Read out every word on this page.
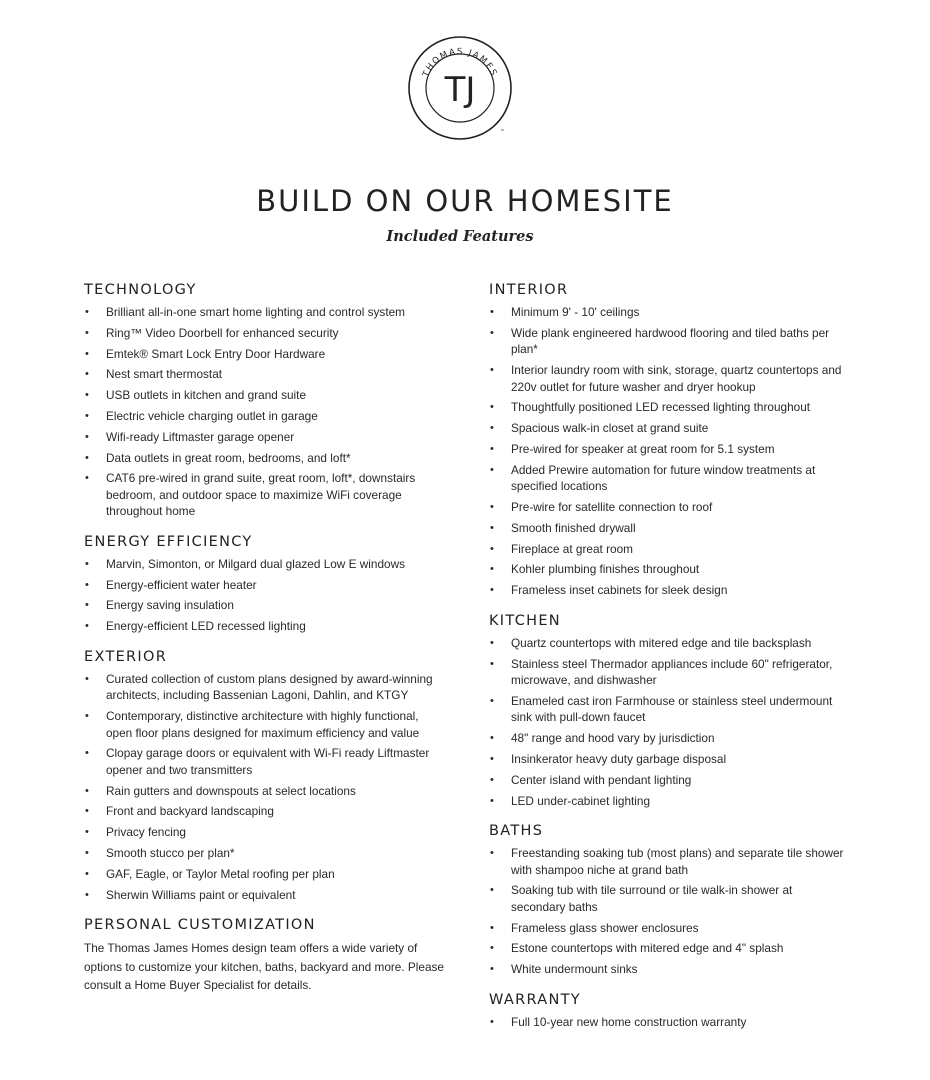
THOMAS JAMES
TJ
™
BUILD ON OUR HOMESITE
Included Features
TECHNOLOGY
• Brilliant all-in-one smart home lighting and control system
• Ring™ Video Doorbell for enhanced security
• Emtek® Smart Lock Entry Door Hardware
• Nest smart thermostat
• USB outlets in kitchen and grand suite
• Electric vehicle charging outlet in garage
• Wifi-ready Liftmaster garage opener
• Data outlets in great room, bedrooms, and loft*
• CAT6 pre-wired in grand suite, great room, loft*, downstairs bedroom, and outdoor space to maximize WiFi coverage throughout home
ENERGY EFFICIENCY
• Marvin, Simonton, or Milgard dual glazed Low E windows
• Energy-efficient water heater
• Energy saving insulation
• Energy-efficient LED recessed lighting
EXTERIOR
• Curated collection of custom plans designed by award-winning architects, including Bassenian Lagoni, Dahlin, and KTGY
• Contemporary, distinctive architecture with highly functional, open floor plans designed for maximum efficiency and value
• Clopay garage doors or equivalent with Wi-Fi ready Liftmaster opener and two transmitters
• Rain gutters and downspouts at select locations
• Front and backyard landscaping
• Privacy fencing
• Smooth stucco per plan*
• GAF, Eagle, or Taylor Metal roofing per plan
• Sherwin Williams paint or equivalent
PERSONAL CUSTOMIZATION

The Thomas James Homes design team offers a wide variety of options to customize your kitchen, baths, backyard and more. Please consult a Home Buyer Specialist for details.

INTERIOR
• Minimum 9' - 10' ceilings
• Wide plank engineered hardwood flooring and tiled baths per plan*
• Interior laundry room with sink, storage, quartz countertops and 220v outlet for future washer and dryer hookup
• Thoughtfully positioned LED recessed lighting throughout
• Spacious walk-in closet at grand suite
• Pre-wired for speaker at great room for 5.1 system
• Added Prewire automation for future window treatments at specified locations
• Pre-wire for satellite connection to roof
• Smooth finished drywall
• Fireplace at great room
• Kohler plumbing finishes throughout
• Frameless inset cabinets for sleek design
KITCHEN
• Quartz countertops with mitered edge and tile backsplash
• Stainless steel Thermador appliances include 60" refrigerator, microwave, and dishwasher
• Enameled cast iron Farmhouse or stainless steel undermount sink with pull-down faucet
• 48" range and hood vary by jurisdiction
• Insinkerator heavy duty garbage disposal
• Center island with pendant lighting
• LED under-cabinet lighting
BATHS
• Freestanding soaking tub (most plans) and separate tile shower with shampoo niche at grand bath
• Soaking tub with tile surround or tile walk-in shower at secondary baths
• Frameless glass shower enclosures
• Estone countertops with mitered edge and 4" splash
• White undermount sinks
WARRANTY
• Full 10-year new home construction warranty
